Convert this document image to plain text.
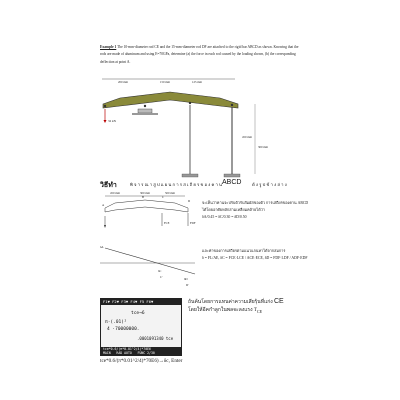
Example 1 The 10-mm-diameter rod CE and the 15-mm-diameter rod DF are attached to the rigid bar ABCD as shown. Knowing that the rods are made of aluminum and using E=70GPa, determine (a) the force in each rod caused by the loading shown, (b) the corresponding deflection at point A.
200 mm	150 mm	125 mm
32 kN
450 mm
300 mm
วิธีทำ	พิจารณาสูปแผนการสเถียรของคาน
ABCD	ดังรูปข้างล่าง
450 mm	300 mm	500 mm
A
B	C
D
FCE	FDF
δA
δC
δD
C'
D'
จะเห็นว่าคานจะปรับตัวรับสัมผัสของตัว การเสถียรของคาน ABCD ได้โดยอาศัยหลักสามเหลี่ยมคล้ายได้ว่า
δA/0.45 = δC/0.30 = δD/0.50
และค่าของการเสถียรตามแนวแกนหาได้จากสมการ
δ = FL/AE, δC = FCE·LCE / ACE·ECE, δD = FDF·LDF / ADF·EDF
F1▼ F2▼ F3▼ F4▼ F5 F6▼
tce→6
π·(.01)²
4 ·70000000.
.0001091340 tce
tce*0.6/(π*0.01^2/4)*70E6
MAIN   RAD AUTO   FUNC 2/30
ถ้นค้นโดยการแทนค่าความเสียรุ้นที่แก่ง CE
โดยให้อีคกำลูกในพลจะลงแรง $T_{CE}$
tce*0.6/(π*0.01^2/4)*70E6)→δc, Enter
